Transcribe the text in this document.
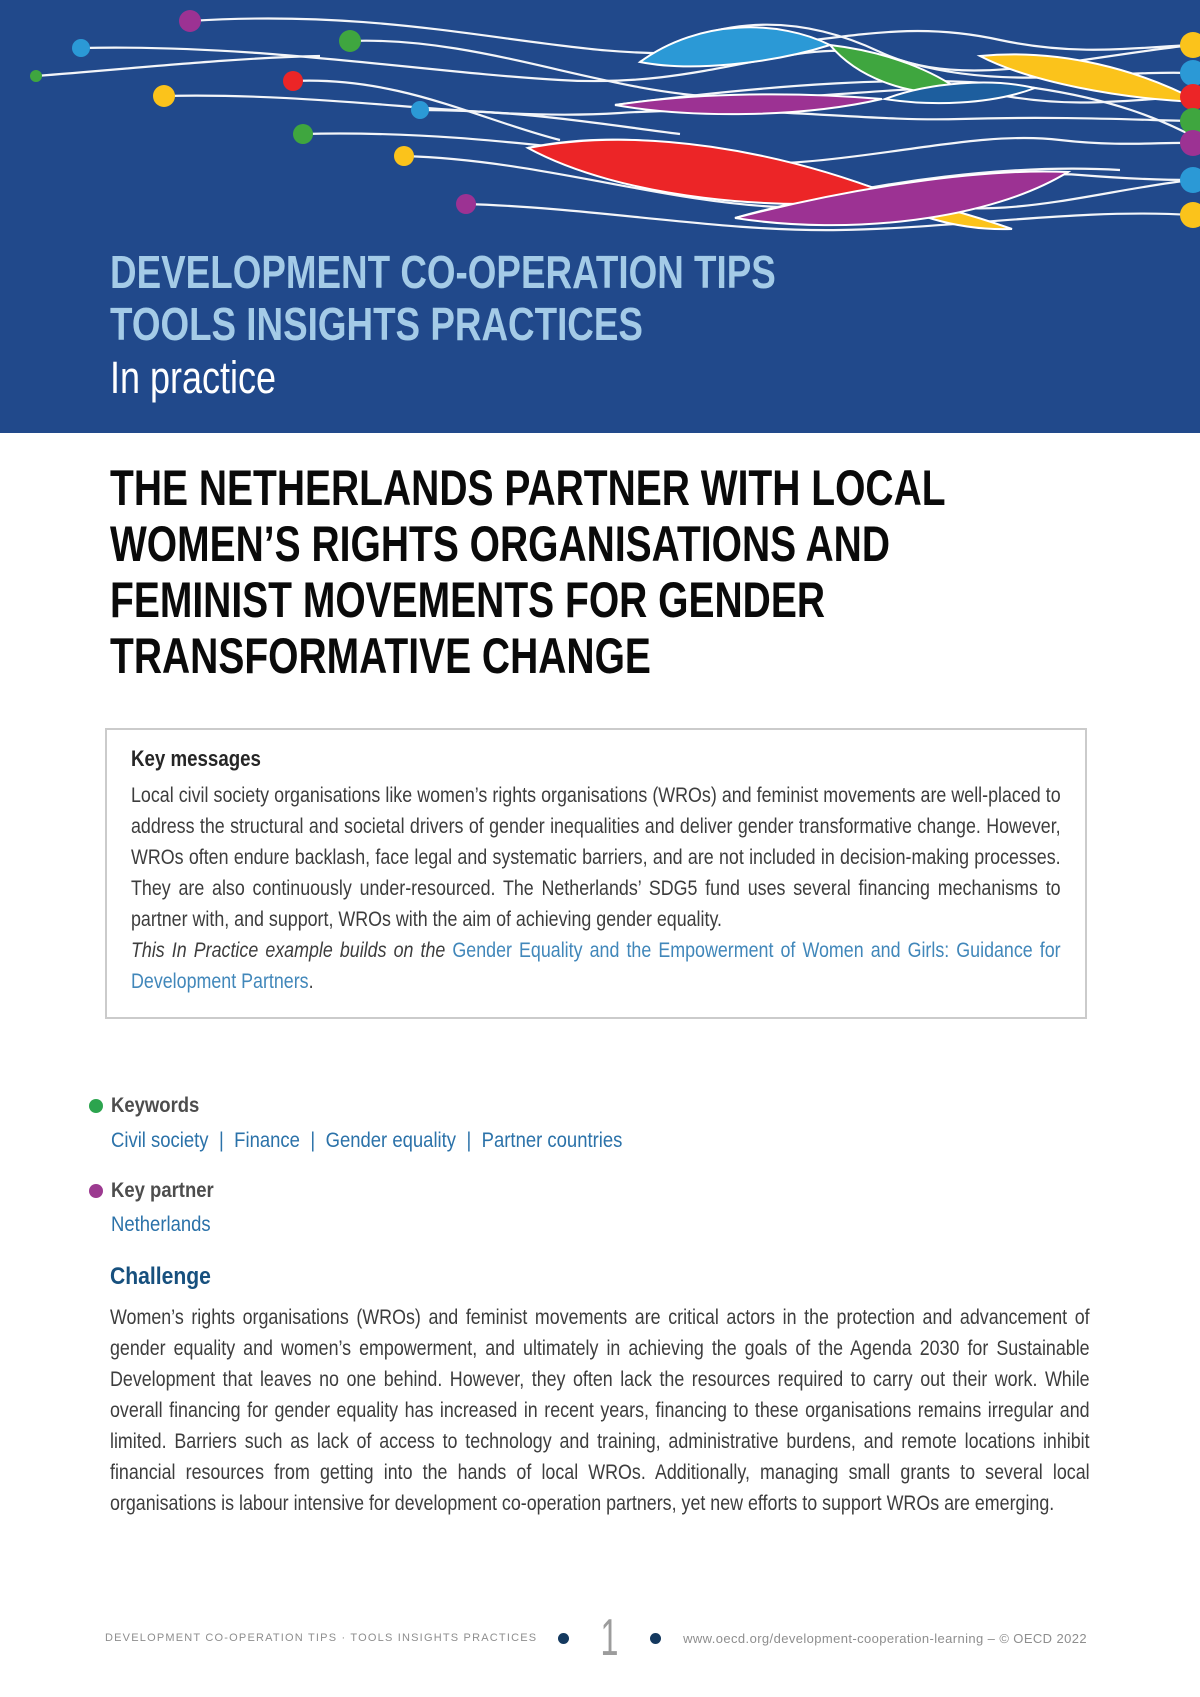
DEVELOPMENT CO-OPERATION TIPS
TOOLS INSIGHTS PRACTICES
In practice
THE NETHERLANDS PARTNER WITH LOCAL
WOMEN’S RIGHTS ORGANISATIONS AND
FEMINIST MOVEMENTS FOR GENDER
TRANSFORMATIVE CHANGE

Key messages

Local civil society organisations like women’s rights organisations (WROs) and feminist movements are well-placed to address the structural and societal drivers of gender inequalities and deliver gender transformative change. However, WROs often endure backlash, face legal and systematic barriers, and are not included in decision-making processes. They are also continuously under-resourced. The Netherlands’ SDG5 fund uses several financing mechanisms to partner with, and support, WROs with the aim of achieving gender equality.

This In Practice example builds on the Gender Equality and the Empowerment of Women and Girls: Guidance for Development Partners.

Keywords
Civil society | Finance | Gender equality | Partner countries
Key partner
Netherlands
Challenge
Women’s rights organisations (WROs) and feminist movements are critical actors in the protection and advancement of gender equality and women’s empowerment, and ultimately in achieving the goals of the Agenda 2030 for Sustainable Development that leaves no one behind. However, they often lack the resources required to carry out their work. While overall financing for gender equality has increased in recent years, financing to these organisations remains irregular and limited. Barriers such as lack of access to technology and training, administrative burdens, and remote locations inhibit financial resources from getting into the hands of local WROs. Additionally, managing small grants to several local organisations is labour intensive for development co-operation partners, yet new efforts to support WROs are emerging.
DEVELOPMENT CO-OPERATION TIPS · TOOLS INSIGHTS PRACTICES 1	www.oecd.org/development-cooperation-learning – © OECD 2022
